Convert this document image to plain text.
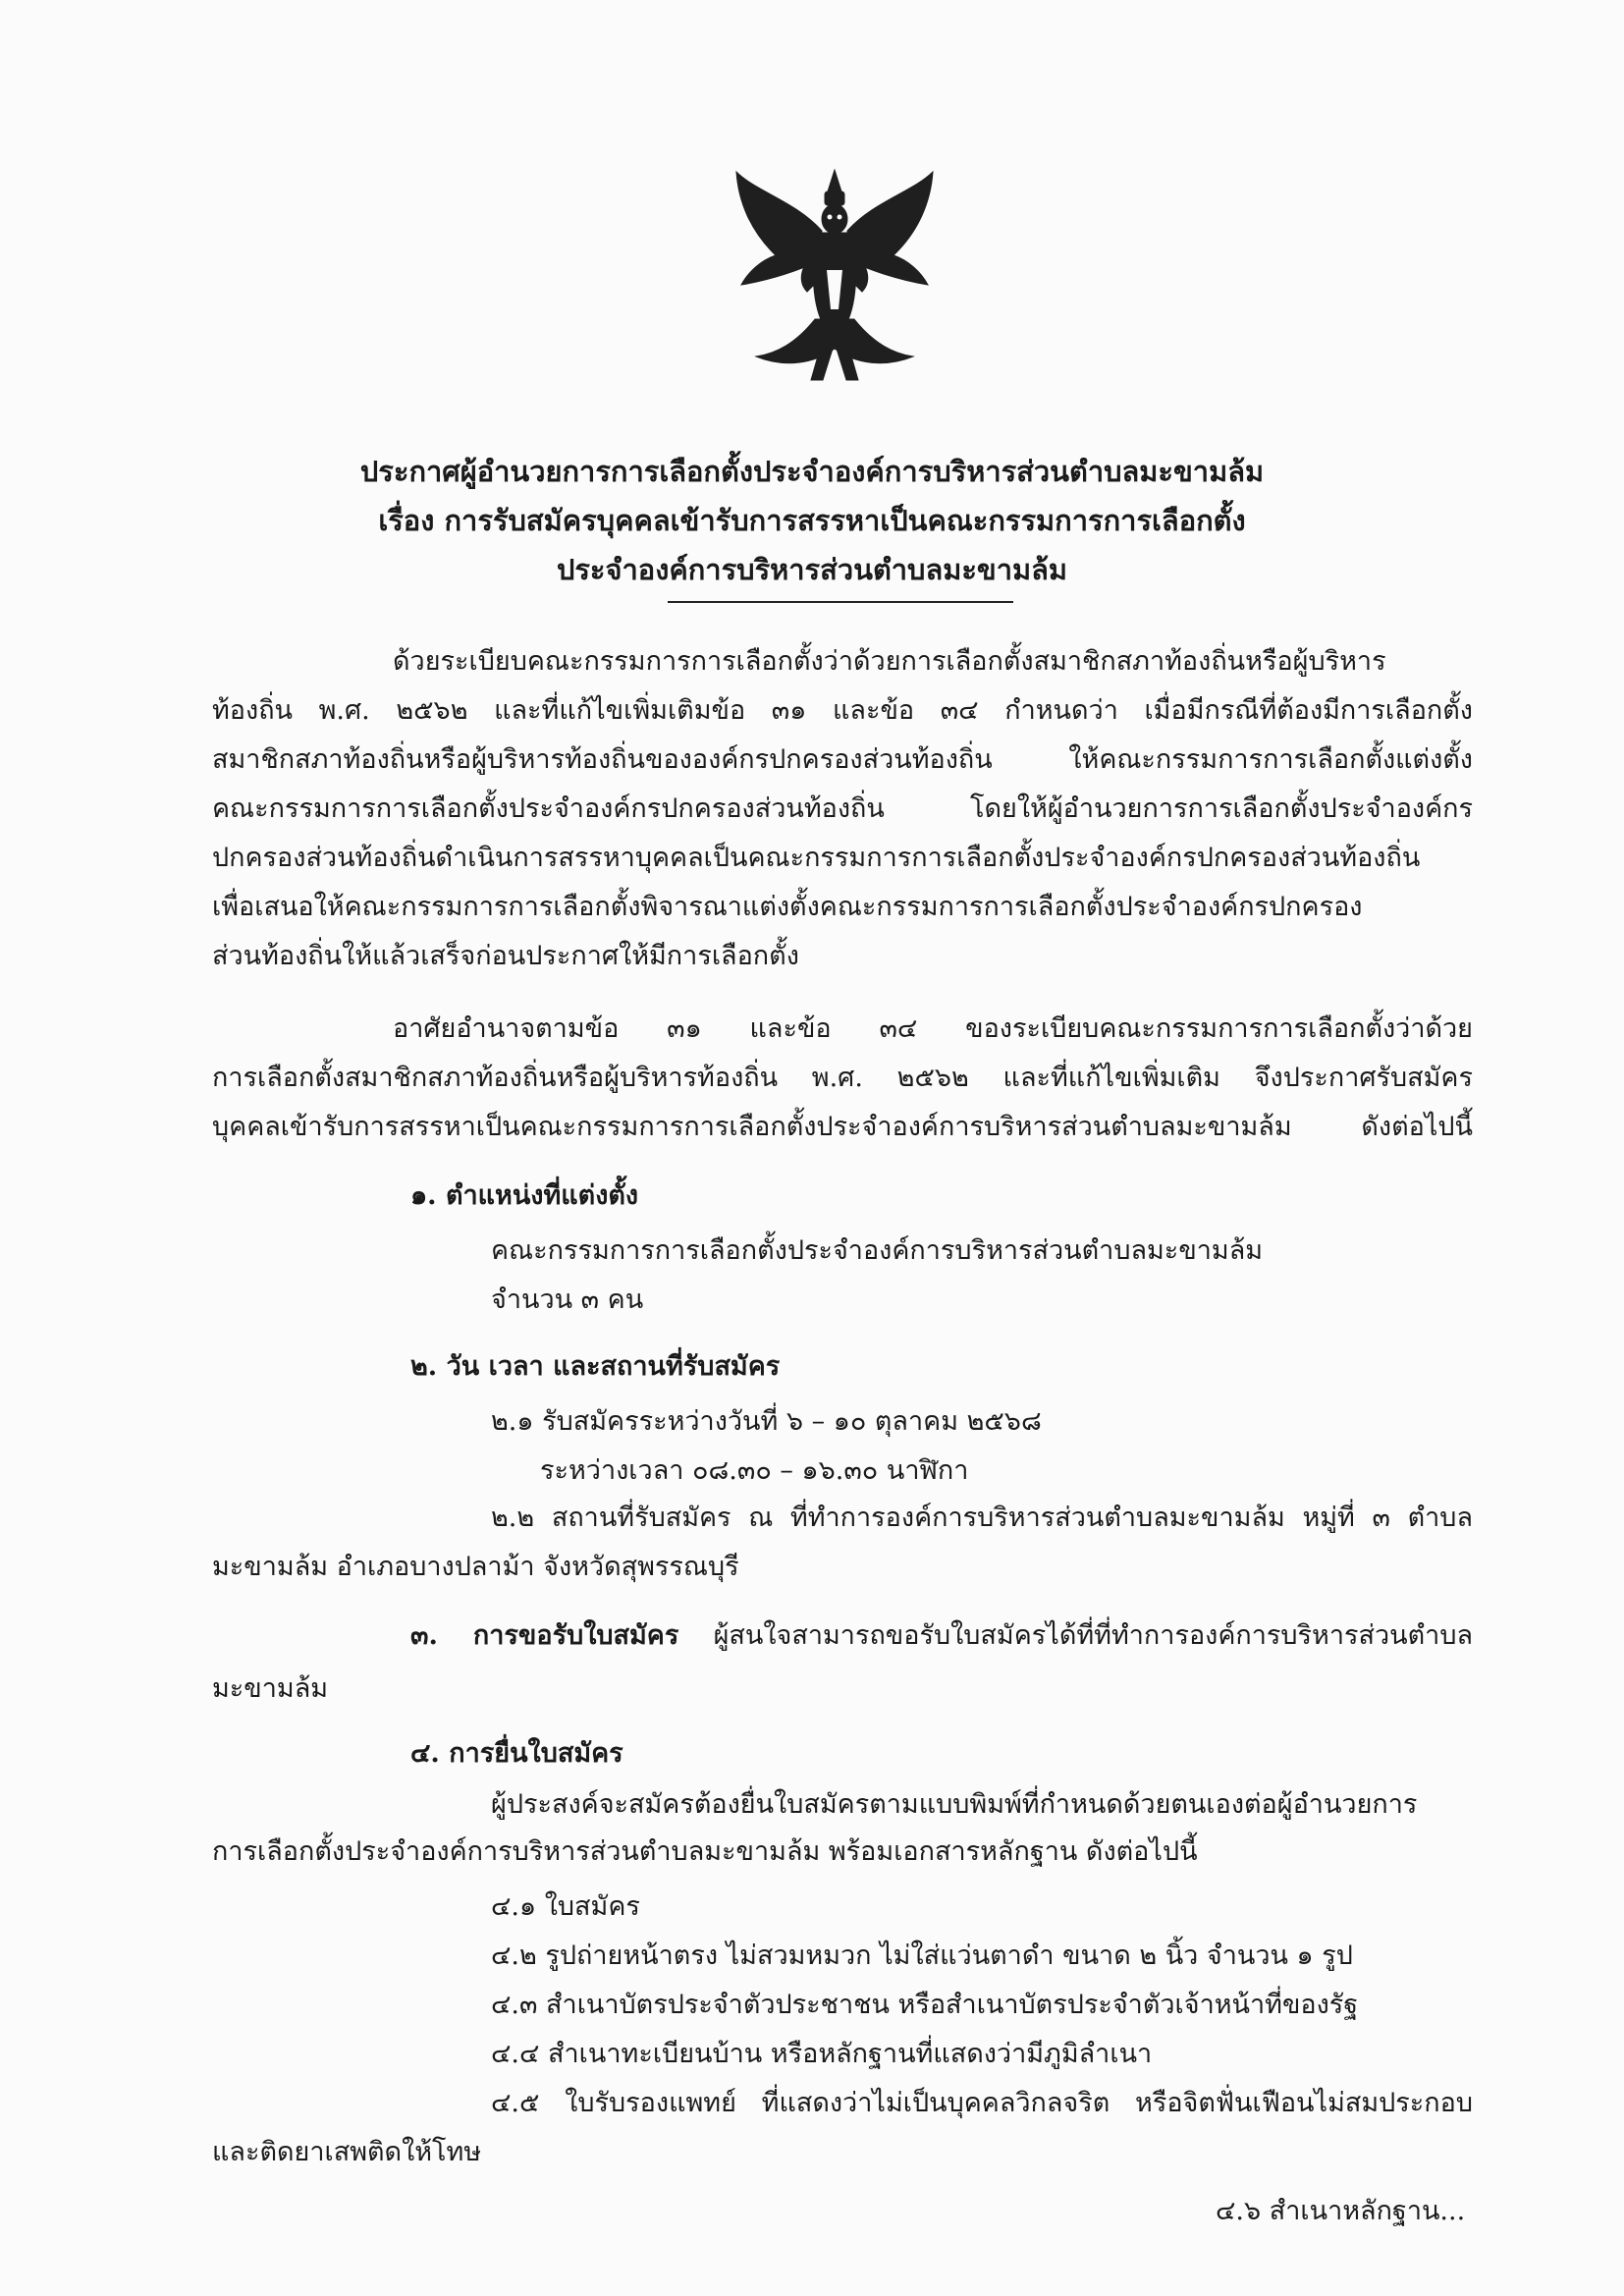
ประกาศผู้อำนวยการการเลือกตั้งประจำองค์การบริหารส่วนตำบลมะขามล้ม
เรื่อง การรับสมัครบุคคลเข้ารับการสรรหาเป็นคณะกรรมการการเลือกตั้ง
ประจำองค์การบริหารส่วนตำบลมะขามล้ม
ด้วยระเบียบคณะกรรมการการเลือกตั้งว่าด้วยการเลือกตั้งสมาชิกสภาท้องถิ่นหรือผู้บริหาร
ท้องถิ่น พ.ศ. ๒๕๖๒ และที่แก้ไขเพิ่มเติมข้อ ๓๑ และข้อ ๓๔ กำหนดว่า เมื่อมีกรณีที่ต้องมีการเลือกตั้ง
สมาชิกสภาท้องถิ่นหรือผู้บริหารท้องถิ่นขององค์กรปกครองส่วนท้องถิ่น ให้คณะกรรมการการเลือกตั้งแต่งตั้ง
คณะกรรมการการเลือกตั้งประจำองค์กรปกครองส่วนท้องถิ่น โดยให้ผู้อำนวยการการเลือกตั้งประจำองค์กร
ปกครองส่วนท้องถิ่นดำเนินการสรรหาบุคคลเป็นคณะกรรมการการเลือกตั้งประจำองค์กรปกครองส่วนท้องถิ่น
เพื่อเสนอให้คณะกรรมการการเลือกตั้งพิจารณาแต่งตั้งคณะกรรมการการเลือกตั้งประจำองค์กรปกครอง
ส่วนท้องถิ่นให้แล้วเสร็จก่อนประกาศให้มีการเลือกตั้ง
อาศัยอำนาจตามข้อ ๓๑ และข้อ ๓๔ ของระเบียบคณะกรรมการการเลือกตั้งว่าด้วย
การเลือกตั้งสมาชิกสภาท้องถิ่นหรือผู้บริหารท้องถิ่น พ.ศ. ๒๕๖๒ และที่แก้ไขเพิ่มเติม จึงประกาศรับสมัคร
บุคคลเข้ารับการสรรหาเป็นคณะกรรมการการเลือกตั้งประจำองค์การบริหารส่วนตำบลมะขามล้ม ดังต่อไปนี้
๑. ตำแหน่งที่แต่งตั้ง
คณะกรรมการการเลือกตั้งประจำองค์การบริหารส่วนตำบลมะขามล้ม
จำนวน ๓ คน
๒. วัน เวลา และสถานที่รับสมัคร
๒.๑ รับสมัครระหว่างวันที่ ๖ – ๑๐ ตุลาคม ๒๕๖๘
ระหว่างเวลา ๐๘.๓๐ – ๑๖.๓๐ นาฬิกา
๒.๒ สถานที่รับสมัคร ณ ที่ทำการองค์การบริหารส่วนตำบลมะขามล้ม หมู่ที่ ๓ ตำบล
มะขามล้ม อำเภอบางปลาม้า จังหวัดสุพรรณบุรี
๓. การขอรับใบสมัคร ผู้สนใจสามารถขอรับใบสมัครได้ที่ที่ทำการองค์การบริหารส่วนตำบล
มะขามล้ม
๔. การยื่นใบสมัคร
ผู้ประสงค์จะสมัครต้องยื่นใบสมัครตามแบบพิมพ์ที่กำหนดด้วยตนเองต่อผู้อำนวยการ
การเลือกตั้งประจำองค์การบริหารส่วนตำบลมะขามล้ม พร้อมเอกสารหลักฐาน ดังต่อไปนี้
๔.๑ ใบสมัคร
๔.๒ รูปถ่ายหน้าตรง ไม่สวมหมวก ไม่ใส่แว่นตาดำ ขนาด ๒ นิ้ว จำนวน ๑ รูป
๔.๓ สำเนาบัตรประจำตัวประชาชน หรือสำเนาบัตรประจำตัวเจ้าหน้าที่ของรัฐ
๔.๔ สำเนาทะเบียนบ้าน หรือหลักฐานที่แสดงว่ามีภูมิลำเนา
๔.๕ ใบรับรองแพทย์ ที่แสดงว่าไม่เป็นบุคคลวิกลจริต หรือจิตฟั่นเฟือนไม่สมประกอบ
และติดยาเสพติดให้โทษ
๔.๖ สำเนาหลักฐาน...
